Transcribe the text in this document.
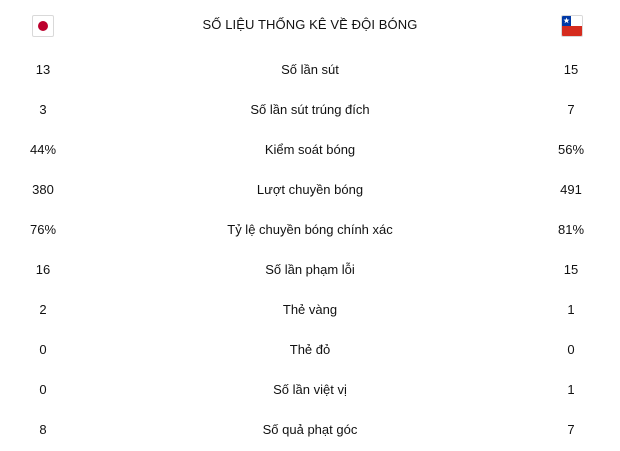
SỐ LIỆU THỐNG KÊ VỀ ĐỘI BÓNG
13	Số lần sút	15
3	Số lần sút trúng đích	7
44%	Kiểm soát bóng	56%
380	Lượt chuyền bóng	491
76%	Tỷ lệ chuyền bóng chính xác	81%
16	Số lần phạm lỗi	15
2	Thẻ vàng	1
0	Thẻ đỏ	0
0	Số lần việt vị	1
8	Số quả phạt góc	7
